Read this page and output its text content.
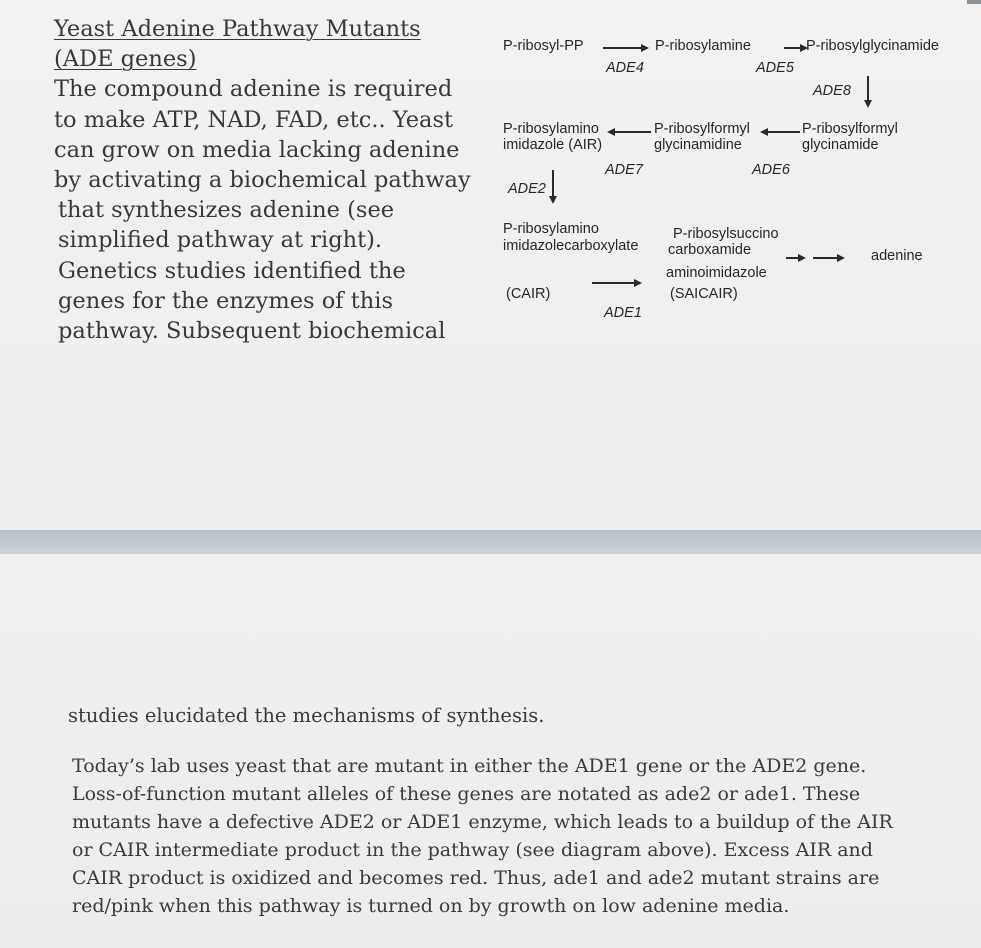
Yeast Adenine Pathway Mutants
(ADE genes)
The compound adenine is required
to make ATP, NAD, FAD, etc.. Yeast
can grow on media lacking adenine
by activating a biochemical pathway
that synthesizes adenine (see
simplified pathway at right).
Genetics studies identified the
genes for the enzymes of this
pathway. Subsequent biochemical
P-ribosyl-PP
ADE4
P-ribosylamine
ADE5
P-ribosylglycinamide
ADE8
P-ribosylamino
imidazole (AIR)
ADE7
P-ribosylformyl
glycinamidine
ADE6
P-ribosylformyl
glycinamide
ADE2
P-ribosylamino
imidazolecarboxylate
(CAIR)
ADE1
P-ribosylsuccino
carboxamide
aminoimidazole
(SAICAIR)
adenine
studies elucidated the mechanisms of synthesis.
Today’s lab uses yeast that are mutant in either the ADE1 gene or the ADE2 gene.
Loss-of-function mutant alleles of these genes are notated as ade2 or ade1. These
mutants have a defective ADE2 or ADE1 enzyme, which leads to a buildup of the AIR
or CAIR intermediate product in the pathway (see diagram above). Excess AIR and
CAIR product is oxidized and becomes red. Thus, ade1 and ade2 mutant strains are
red/pink when this pathway is turned on by growth on low adenine media.
